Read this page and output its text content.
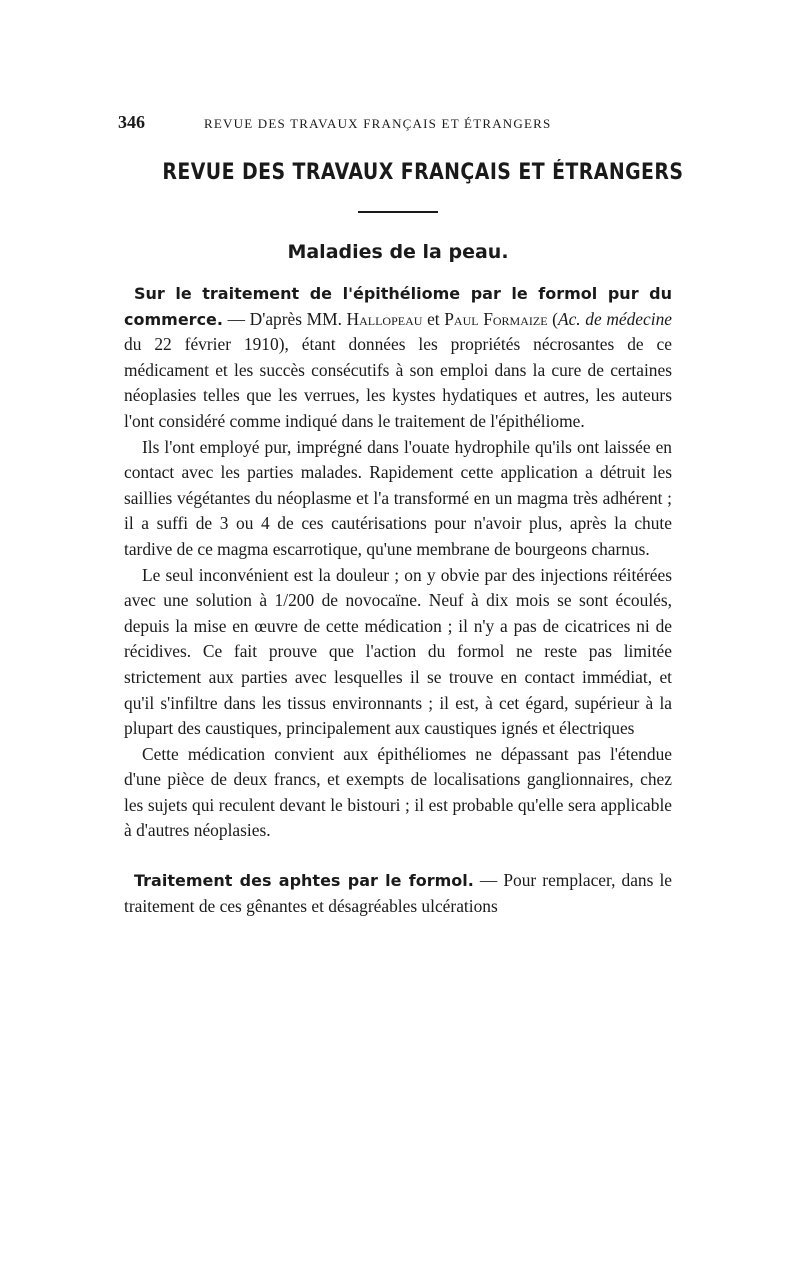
346	REVUE DES TRAVAUX FRANÇAIS ET ÉTRANGERS
REVUE DES TRAVAUX FRANÇAIS ET ÉTRANGERS
Maladies de la peau.

Sur le traitement de l'épithéliome par le formol pur du commerce. — D'après MM. Hallopeau et Paul Formaize (Ac. de médecine du 22 février 1910), étant données les propriétés nécrosantes de ce médicament et les succès consécutifs à son emploi dans la cure de certaines néoplasies telles que les verrues, les kystes hydatiques et autres, les auteurs l'ont considéré comme indiqué dans le traitement de l'épithéliome.

Ils l'ont employé pur, imprégné dans l'ouate hydrophile qu'ils ont laissée en contact avec les parties malades. Rapidement cette application a détruit les saillies végétantes du néoplasme et l'a transformé en un magma très adhérent ; il a suffi de 3 ou 4 de ces cautérisations pour n'avoir plus, après la chute tardive de ce magma escarrotique, qu'une membrane de bourgeons charnus.

Le seul inconvénient est la douleur ; on y obvie par des injections réitérées avec une solution à 1/200 de novocaïne. Neuf à dix mois se sont écoulés, depuis la mise en œuvre de cette médication ; il n'y a pas de cicatrices ni de récidives. Ce fait prouve que l'action du formol ne reste pas limitée strictement aux parties avec lesquelles il se trouve en contact immédiat, et qu'il s'infiltre dans les tissus environnants ; il est, à cet égard, supérieur à la plupart des caustiques, principalement aux caustiques ignés et électriques

Cette médication convient aux épithéliomes ne dépassant pas l'étendue d'une pièce de deux francs, et exempts de localisations ganglionnaires, chez les sujets qui reculent devant le bistouri ; il est probable qu'elle sera applicable à d'autres néoplasies.

Traitement des aphtes par le formol. — Pour remplacer, dans le traitement de ces gênantes et désagréables ulcérations
